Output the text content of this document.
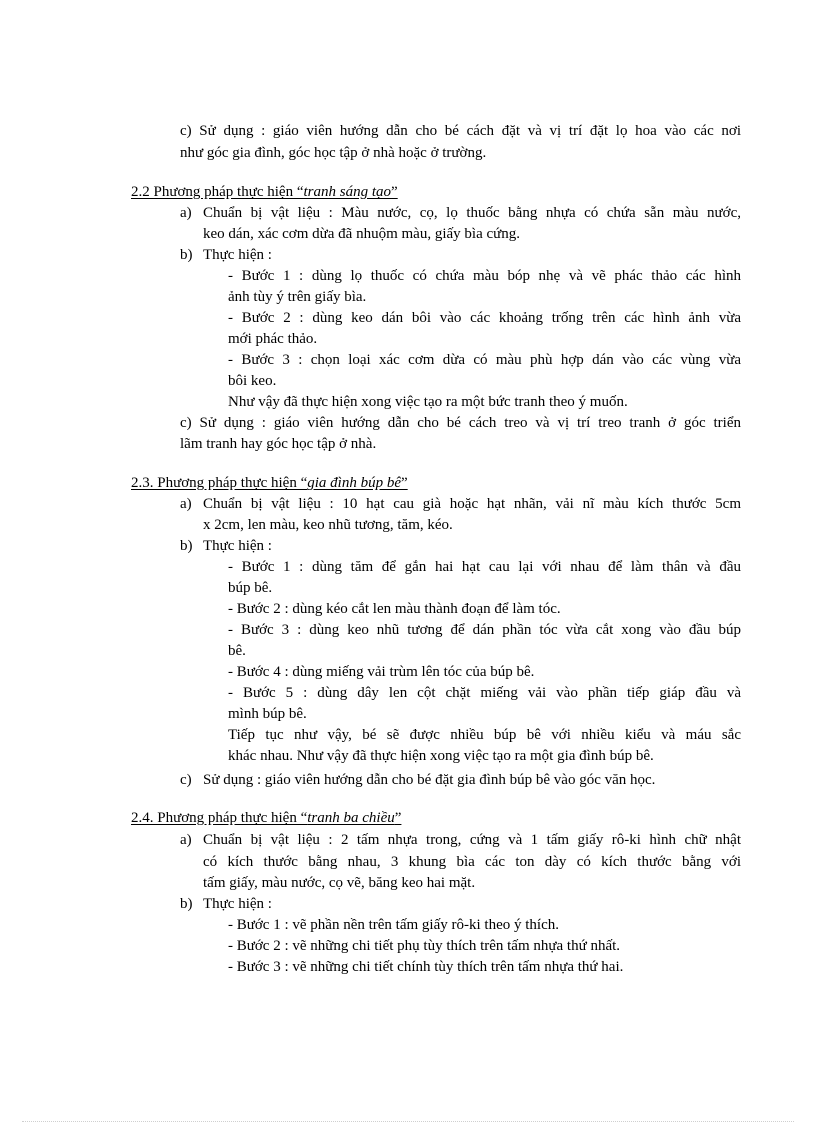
c) Sử dụng : giáo viên hướng dẫn cho bé cách đặt và vị trí đặt lọ hoa vào các nơi
như góc gia đình, góc học tập ở nhà hoặc ở trường.
2.2 Phương pháp thực hiện “tranh sáng tạo”
a) Chuẩn bị vật liệu : Màu nước, cọ, lọ thuốc bằng nhựa có chứa sẵn màu nước,
keo dán, xác cơm dừa đã nhuộm màu, giấy bìa cứng.
b) Thực hiện :
- Bước 1 : dùng lọ thuốc có chứa màu bóp nhẹ và vẽ phác thảo các hình
ảnh tùy ý trên giấy bìa.
- Bước 2 : dùng keo dán bôi vào các khoảng trống trên các hình ảnh vừa
mới phác thảo.
- Bước 3 : chọn loại xác cơm dừa có màu phù hợp dán vào các vùng vừa
bôi keo.
Như vậy đã thực hiện xong việc tạo ra một bức tranh theo ý muốn.
c) Sử dụng : giáo viên hướng dẫn cho bé cách treo và vị trí treo tranh ở góc triển
lãm tranh hay góc học tập ở nhà.
2.3. Phương pháp thực hiện “gia đình búp bê”
a) Chuẩn bị vật liệu : 10 hạt cau già hoặc hạt nhãn, vải nĩ màu kích thước 5cm
x 2cm, len màu, keo nhũ tương, tăm, kéo.
b) Thực hiện :
- Bước 1 : dùng tăm để gắn hai hạt cau lại với nhau để làm thân và đầu
búp bê.
- Bước 2 : dùng kéo cắt len màu thành đoạn để làm tóc.
- Bước 3 : dùng keo nhũ tương để dán phần tóc vừa cắt xong vào đầu búp
bê.
- Bước 4 : dùng miếng vải trùm lên tóc của búp bê.
- Bước 5 : dùng dây len cột chặt miếng vải vào phần tiếp giáp đầu và
mình búp bê.
Tiếp tục như vậy, bé sẽ được nhiều búp bê với nhiều kiểu và máu sắc
khác nhau. Như vậy đã thực hiện xong việc tạo ra một gia đình búp bê.
c) Sử dụng : giáo viên hướng dẫn cho bé đặt gia đình búp bê vào góc văn học.
2.4. Phương pháp thực hiện “tranh ba chiều”
a) Chuẩn bị vật liệu : 2 tấm nhựa trong, cứng và 1 tấm giấy rô-ki hình chữ nhật
có kích thước bằng nhau, 3 khung bìa các ton dày có kích thước bằng với
tấm giấy, màu nước, cọ vẽ, băng keo hai mặt.
b) Thực hiện :
- Bước 1 : vẽ phần nền trên tấm giấy rô-ki theo ý thích.
- Bước 2 : vẽ những chi tiết phụ tùy thích trên tấm nhựa thứ nhất.
- Bước 3 : vẽ những chi tiết chính tùy thích trên tấm nhựa thứ hai.
